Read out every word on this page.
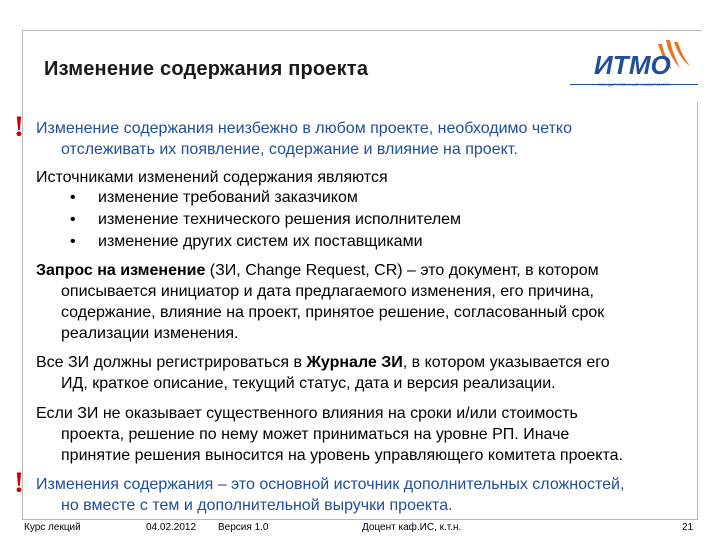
Изменение содержания проекта	ИТМО
ГОСУДАРСТВЕННЫЙ УНИВЕРСИТЕТ
! Изменение содержания неизбежно в любом проекте, необходимо четко
отслеживать их появление, содержание и влияние на проект.
Источниками изменений содержания являются
• изменение требований заказчиком
• изменение технического решения исполнителем
• изменение других систем их поставщиками
Запрос на изменение (ЗИ, Change Request, CR) – это документ, в котором
описывается инициатор и дата предлагаемого изменения, его причина,
содержание, влияние на проект, принятое решение, согласованный срок
реализации изменения.
Все ЗИ должны регистрироваться в Журнале ЗИ, в котором указывается его
ИД, краткое описание, текущий статус, дата и версия реализации.
Если ЗИ не оказывает существенного влияния на сроки и/или стоимость
проекта, решение по нему может приниматься на уровне РП. Иначе
принятие решения выносится на уровень управляющего комитета проекта.
! Изменения содержания – это основной источник дополнительных сложностей,
но вместе с тем и дополнительной выручки проекта.
Курс лекций	04.02.2012 Версия 1.0	Доцент каф.ИС, к.т.н.	21
